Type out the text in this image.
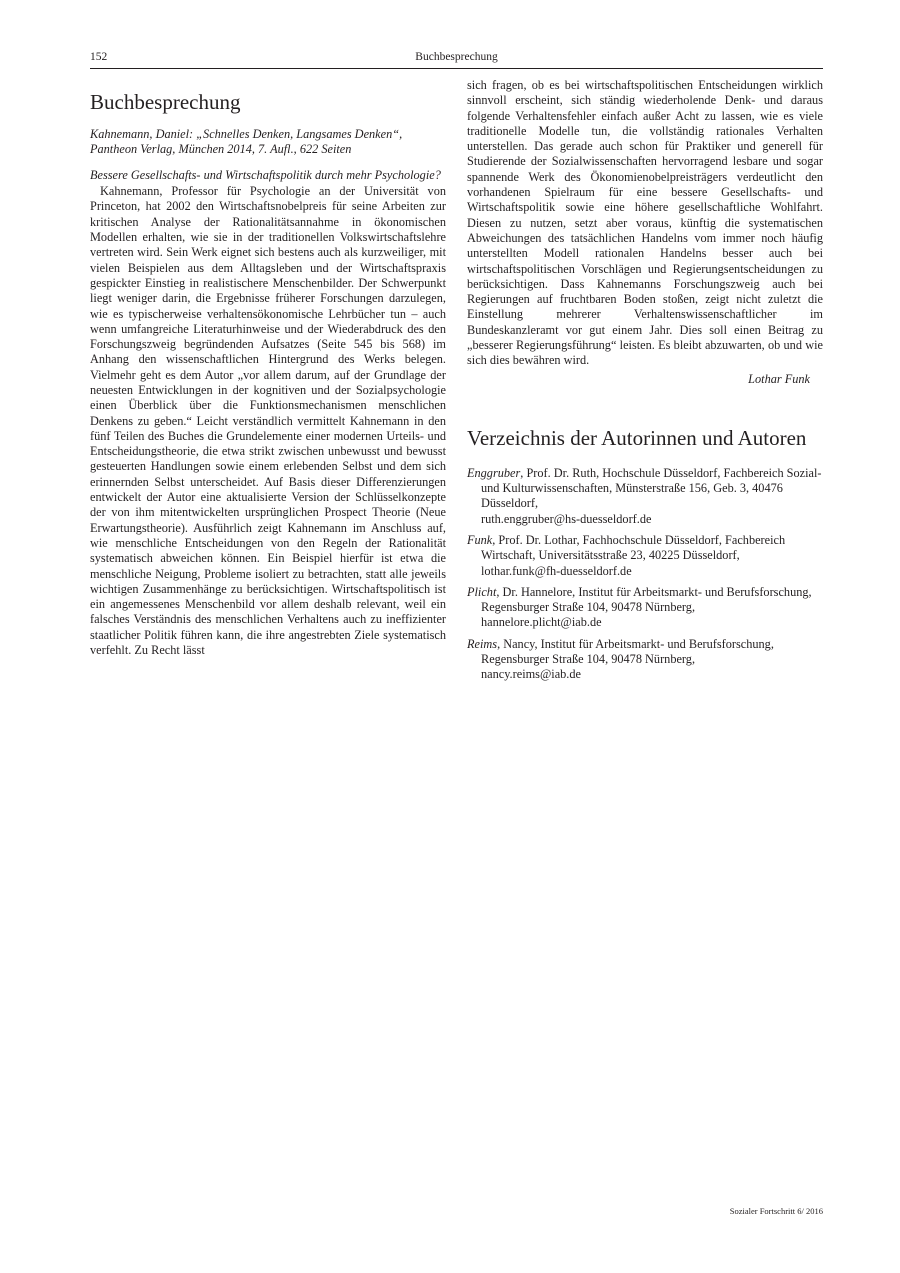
152	Buchbesprechung
Buchbesprechung

Kahnemann, Daniel: „Schnelles Denken, Langsames Denken“, Pantheon Verlag, München 2014, 7. Aufl., 622 Seiten

Bessere Gesellschafts- und Wirtschaftspolitik durch mehr Psychologie?

Kahnemann, Professor für Psychologie an der Universität von Princeton, hat 2002 den Wirtschaftsnobelpreis für seine Arbeiten zur kritischen Analyse der Rationalitätsannahme in ökonomischen Modellen erhalten, wie sie in der traditionellen Volkswirtschaftslehre vertreten wird. Sein Werk eignet sich bestens auch als kurzweiliger, mit vielen Beispielen aus dem Alltagsleben und der Wirtschaftspraxis gespickter Einstieg in realistischere Menschenbilder. Der Schwerpunkt liegt weniger darin, die Ergebnisse früherer Forschungen darzulegen, wie es typischerweise verhaltensökonomische Lehrbücher tun – auch wenn umfangreiche Literaturhinweise und der Wiederabdruck des den Forschungszweig begründenden Aufsatzes (Seite 545 bis 568) im Anhang den wissenschaftlichen Hintergrund des Werks belegen. Vielmehr geht es dem Autor „vor allem darum, auf der Grundlage der neuesten Entwicklungen in der kognitiven und der Sozialpsychologie einen Überblick über die Funktionsmechanismen menschlichen Denkens zu geben.“ Leicht verständlich vermittelt Kahnemann in den fünf Teilen des Buches die Grundelemente einer modernen Urteils- und Entscheidungstheorie, die etwa strikt zwischen unbewusst und bewusst gesteuerten Handlungen sowie einem erlebenden Selbst und dem sich erinnernden Selbst unterscheidet. Auf Basis dieser Differenzierungen entwickelt der Autor eine aktualisierte Version der Schlüsselkonzepte der von ihm mitentwickelten ursprünglichen Prospect Theorie (Neue Erwartungstheorie). Ausführlich zeigt Kahnemann im Anschluss auf, wie menschliche Entscheidungen von den Regeln der Rationalität systematisch abweichen können. Ein Beispiel hierfür ist etwa die menschliche Neigung, Probleme isoliert zu betrachten, statt alle jeweils wichtigen Zusammenhänge zu berücksichtigen. Wirtschaftspolitisch ist ein angemessenes Menschenbild vor allem deshalb relevant, weil ein falsches Verständnis des menschlichen Verhaltens auch zu ineffizienter staatlicher Politik führen kann, die ihre angestrebten Ziele systematisch verfehlt. Zu Recht lässt

sich fragen, ob es bei wirtschaftspolitischen Entscheidungen wirklich sinnvoll erscheint, sich ständig wiederholende Denk- und daraus folgende Verhaltensfehler einfach außer Acht zu lassen, wie es viele traditionelle Modelle tun, die vollständig rationales Verhalten unterstellen. Das gerade auch schon für Praktiker und generell für Studierende der Sozialwissenschaften hervorragend lesbare und sogar spannende Werk des Ökonomienobelpreisträgers verdeutlicht den vorhandenen Spielraum für eine bessere Gesellschafts- und Wirtschaftspolitik sowie eine höhere gesellschaftliche Wohlfahrt. Diesen zu nutzen, setzt aber voraus, künftig die systematischen Abweichungen des tatsächlichen Handelns vom immer noch häufig unterstellten Modell rationalen Handelns besser auch bei wirtschaftspolitischen Vorschlägen und Regierungsentscheidungen zu berücksichtigen. Dass Kahnemanns Forschungszweig auch bei Regierungen auf fruchtbaren Boden stoßen, zeigt nicht zuletzt die Einstellung mehrerer Verhaltenswissenschaftlicher im Bundeskanzleramt vor gut einem Jahr. Dies soll einen Beitrag zu „besserer Regierungsführung“ leisten. Es bleibt abzuwarten, ob und wie sich dies bewähren wird.

Lothar Funk

Verzeichnis der Autorinnen und Autoren

Enggruber, Prof. Dr. Ruth, Hochschule Düsseldorf, Fachbereich Sozial- und Kulturwissenschaften, Münsterstraße 156, Geb. 3, 40476 Düsseldorf,
ruth.enggruber@hs-duesseldorf.de

Funk, Prof. Dr. Lothar, Fachhochschule Düsseldorf, Fachbereich Wirtschaft, Universitätsstraße 23, 40225 Düsseldorf,
lothar.funk@fh-duesseldorf.de

Plicht, Dr. Hannelore, Institut für Arbeitsmarkt- und Berufsforschung, Regensburger Straße 104, 90478 Nürnberg,
hannelore.plicht@iab.de

Reims, Nancy, Institut für Arbeitsmarkt- und Berufsforschung, Regensburger Straße 104, 90478 Nürnberg,
nancy.reims@iab.de

Sozialer Fortschritt 6/ 2016
